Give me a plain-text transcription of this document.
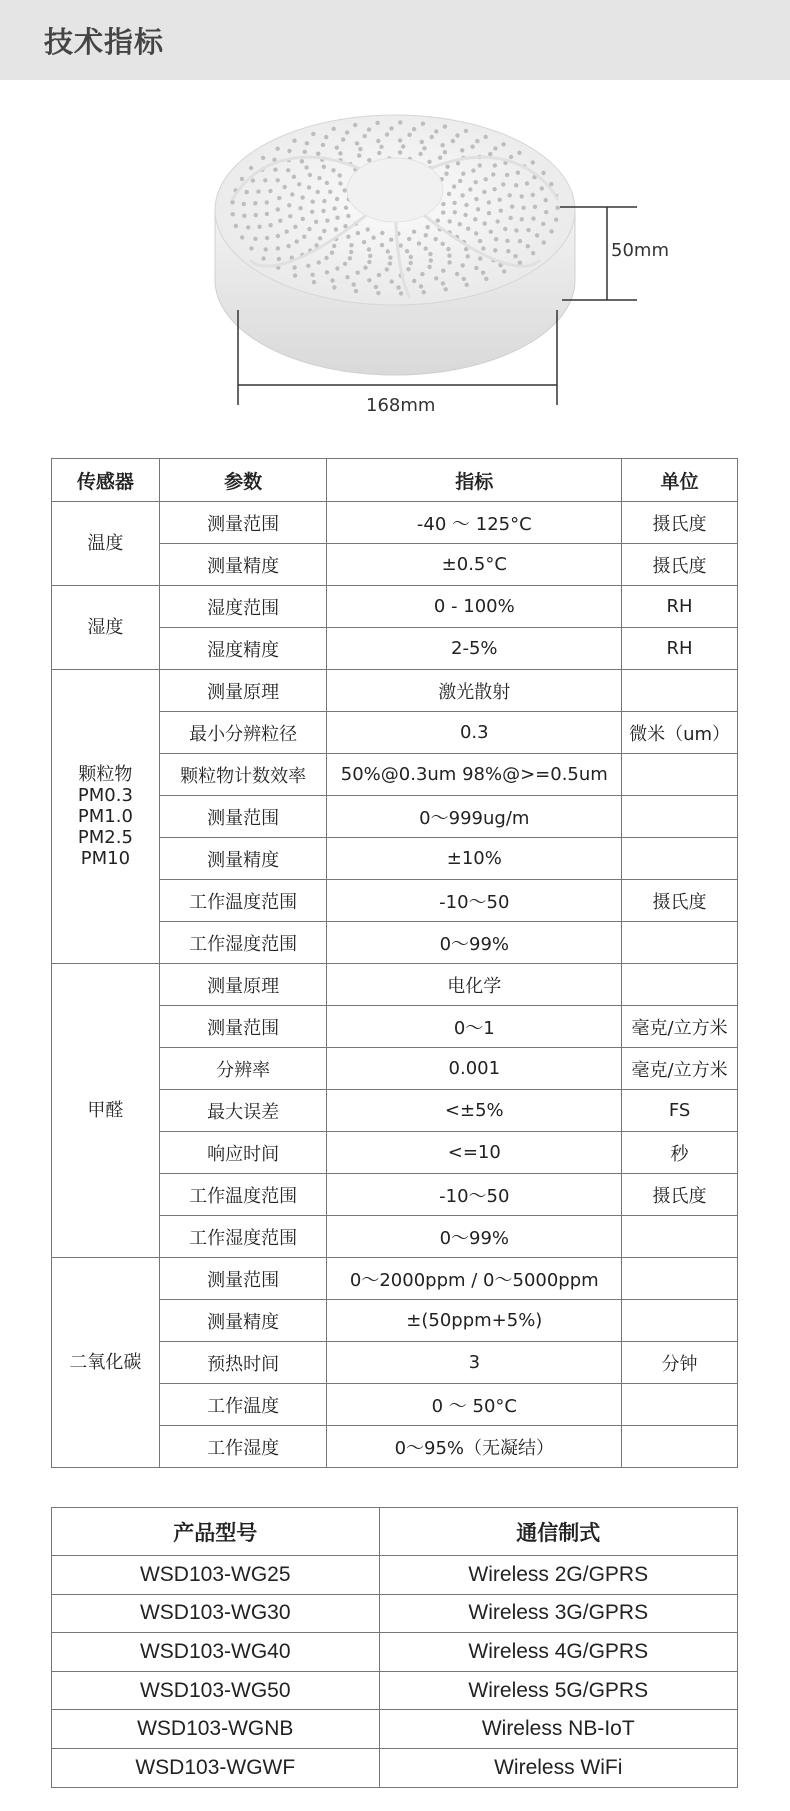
技术指标
168mm
50mm
传感器	参数	指标	单位
温度	测量范围	-40 ～ 125°C	摄氏度
	测量精度	±0.5°C	摄氏度
湿度	湿度范围	0 - 100%	RH
	湿度精度	2-5%	RH

颗粒物
PM0.3
PM1.0
PM2.5
PM10	测量原理	激光散射	
	最小分辨粒径	0.3	微米（um）
	颗粒物计数效率	50%@0.3um 98%@>=0.5um	
	测量范围	0～999ug/m	
	测量精度	±10%	
	工作温度范围	-10～50	摄氏度
	工作湿度范围	0～99%	
甲醛	测量原理	电化学	
	测量范围	0～1	毫克/立方米
	分辨率	0.001	毫克/立方米
	最大误差	<±5%	FS
	响应时间	<=10	秒
	工作温度范围	-10～50	摄氏度
	工作湿度范围	0～99%	
二氧化碳	测量范围	0～2000ppm / 0～5000ppm	
	测量精度	±(50ppm+5%)	
	预热时间	3	分钟
	工作温度	0 ～ 50°C	
	工作湿度	0～95%（无凝结）	
产品型号	通信制式
WSD103-WG25	Wireless 2G/GPRS
WSD103-WG30	Wireless 3G/GPRS
WSD103-WG40	Wireless 4G/GPRS
WSD103-WG50	Wireless 5G/GPRS
WSD103-WGNB	Wireless NB-IoT
WSD103-WGWF	Wireless WiFi
